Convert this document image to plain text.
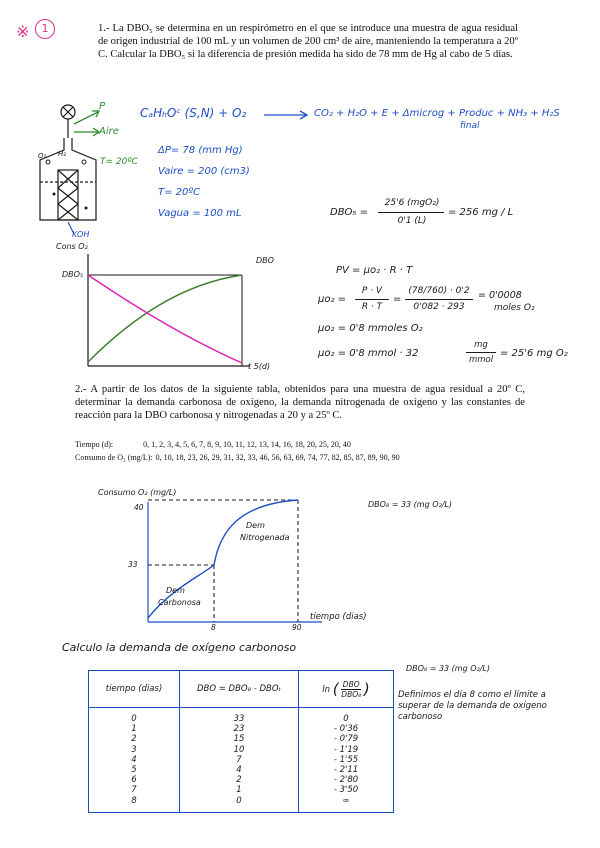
※	1	1.- La DBO₅ se determina en un respirómetro en el que se introduce una muestra de agua residual de origen industrial de 100 mL y un volumen de 200 cm³ de aire, manteniendo la temperatura a 20º C. Calcular la DBO₅ si la diferencia de presión medida ha sido de 78 mm de Hg al cabo de 5 días.
CₐHₕOᶜ (S,N) + O₂ → CO₂ + H₂O + E + Δmicrog + Produc + NH₃ + H₂S
final
P
Aire
O₂ H₂
T= 20ºC
KOH
ΔP= 78 (mm Hg)
Vaire = 200 (cm3)
T= 20ºC
Vagua = 100 mL	DBO₅ =
25'6 (mgO₂)
0'1 (L)
= 256 mg / L
Cons O₂
DBO₅
DBO
t 5(d)
PV = μo₂ · R · T
μo₂ =
P · V
R · T
=
(78/760) · 0'2
0'082 · 293
= 0'0008
moles O₂
μo₂ = 0'8 mmoles O₂
μo₂ = 0'8 mmol · 32
mg
mmol
= 25'6 mg O₂
2.- A partir de los datos de la siguiente tabla, obtenidos para una muestra de agua residual a 20º C, determinar la demanda carbonosa de oxígeno, la demanda nitrogenada de oxígeno y las constantes de reacción para la DBO carbonosa y nitrogenadas a 20 y a 25º C.
Tiempo (d):	0, 1, 2, 3, 4, 5, 6, 7, 8, 9, 10, 11, 12, 13, 14, 16, 18, 20, 25, 20, 40
Consumo de O₂ (mg/L): 0, 10, 18, 23, 26, 29, 31, 32, 33, 46, 56, 63, 69, 74, 77, 82, 85, 87, 89, 90, 90
Consumo O₂ (mg/L)
DBO₈ = 33 (mg O₂/L)
40
33
8	90
tiempo (dias)
Dem
Carbonosa
Dem
Nitrogenada
Calculo la demanda de oxígeno carbonoso
DBO₈ = 33 (mg O₂/L)
Definimos el día 8 como el límite a superar de la demanda de oxígeno carbonoso
tiempo (dias)	DBO = DBO₈ - DBOₜ	ln ( DBO
DBO₈ )
0	33	0
1	23	- 0'36
2	15	- 0'79
3	10	- 1'19
4	7	- 1'55
5	4	- 2'11
6	2	- 2'80
7	1	- 3'50
8	0	∞
